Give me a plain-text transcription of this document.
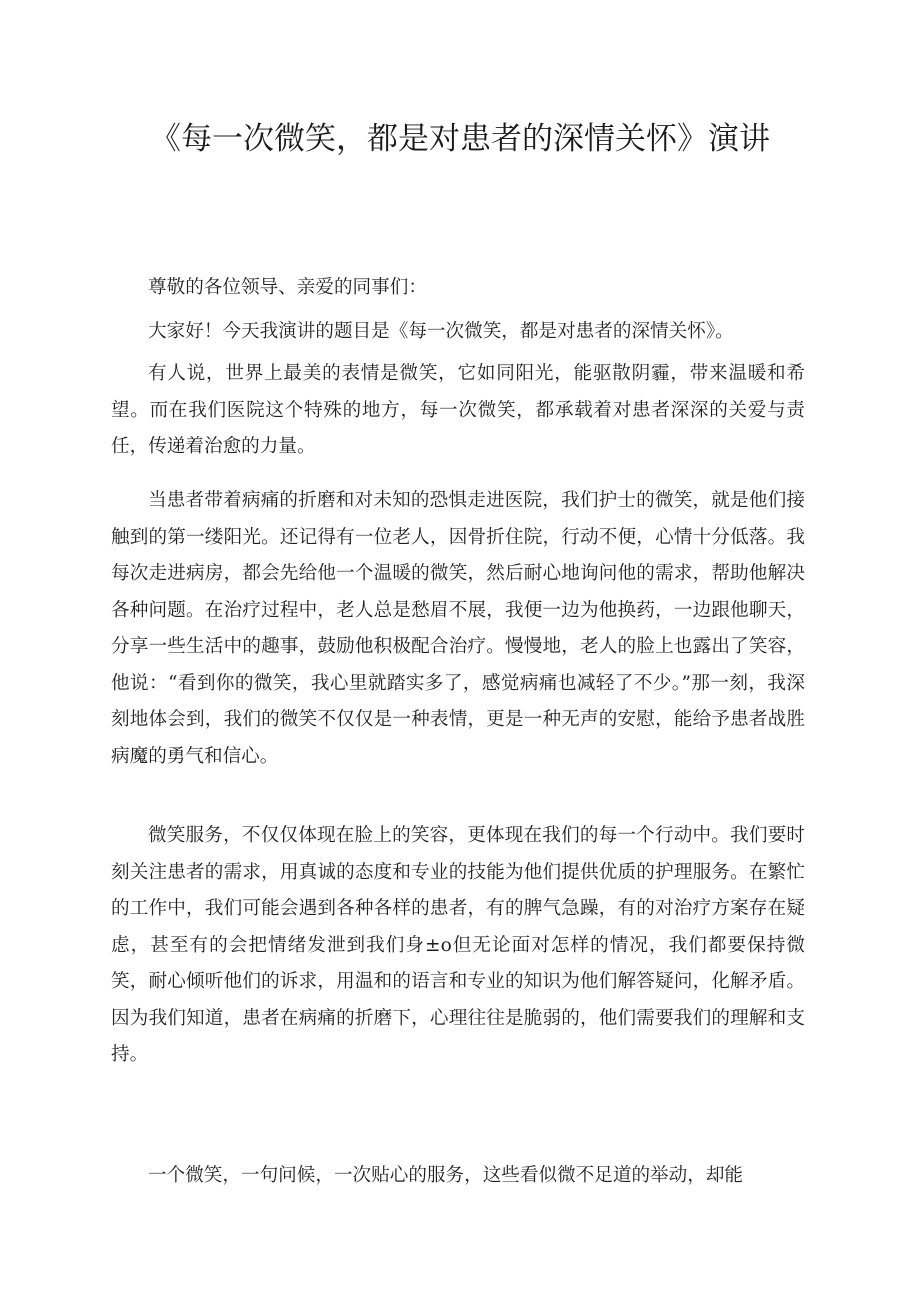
《每一次微笑，都是对患者的深情关怀》演讲

尊敬的各位领导、亲爱的同事们：

大家好！今天我演讲的题目是《每一次微笑，都是对患者的深情关怀》。

有人说，世界上最美的表情是微笑，它如同阳光，能驱散阴霾，带来温暖和希望。而在我们医院这个特殊的地方，每一次微笑，都承载着对患者深深的关爱与责任，传递着治愈的力量。

当患者带着病痛的折磨和对未知的恐惧走进医院，我们护士的微笑，就是他们接触到的第一缕阳光。还记得有一位老人，因骨折住院，行动不便，心情十分低落。我每次走进病房，都会先给他一个温暖的微笑，然后耐心地询问他的需求，帮助他解决各种问题。在治疗过程中，老人总是愁眉不展，我便一边为他换药，一边跟他聊天，分享一些生活中的趣事，鼓励他积极配合治疗。慢慢地，老人的脸上也露出了笑容，他说：“看到你的微笑，我心里就踏实多了，感觉病痛也减轻了不少。”那一刻，我深刻地体会到，我们的微笑不仅仅是一种表情，更是一种无声的安慰，能给予患者战胜病魔的勇气和信心。

微笑服务，不仅仅体现在脸上的笑容，更体现在我们的每一个行动中。我们要时刻关注患者的需求，用真诚的态度和专业的技能为他们提供优质的护理服务。在繁忙的工作中，我们可能会遇到各种各样的患者，有的脾气急躁，有的对治疗方案存在疑虑，甚至有的会把情绪发泄到我们身±o但无论面对怎样的情况，我们都要保持微笑，耐心倾听他们的诉求，用温和的语言和专业的知识为他们解答疑问，化解矛盾。因为我们知道，患者在病痛的折磨下，心理往往是脆弱的，他们需要我们的理解和支持。

一个微笑，一句问候，一次贴心的服务，这些看似微不足道的举动，却能
